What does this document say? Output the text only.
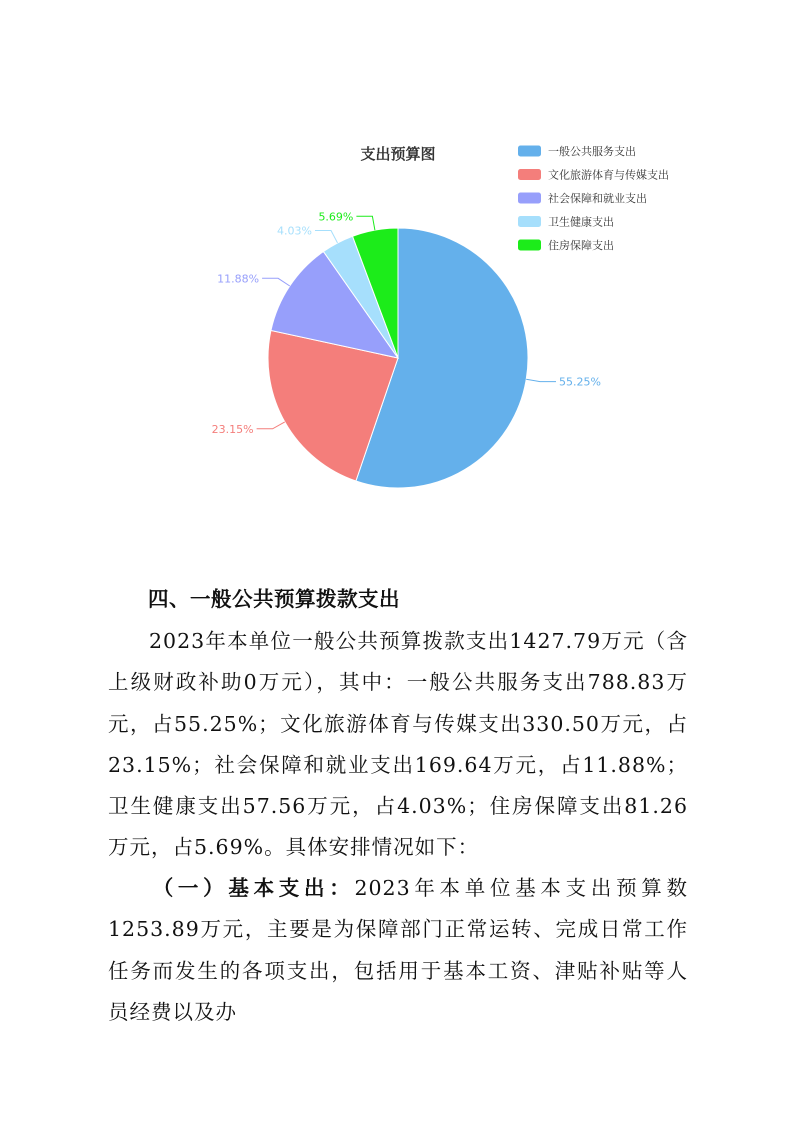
支出预算图
55.25%
23.15%
11.88%
4.03%
5.69%
一般公共服务支出
文化旅游体育与传媒支出
社会保障和就业支出
卫生健康支出
住房保障支出
四、一般公共预算拨款支出

2023年本单位一般公共预算拨款支出1427.79万元（含上级财政补助0万元），其中：一般公共服务支出788.83万元，占55.25%；文化旅游体育与传媒支出330.50万元，占23.15%；社会保障和就业支出169.64万元，占11.88%；卫生健康支出57.56万元，占4.03%；住房保障支出81.26万元，占5.69%。具体安排情况如下：

（一）基本支出：2023年本单位基本支出预算数1253.89万元，主要是为保障部门正常运转、完成日常工作任务而发生的各项支出，包括用于基本工资、津贴补贴等人员经费以及办
